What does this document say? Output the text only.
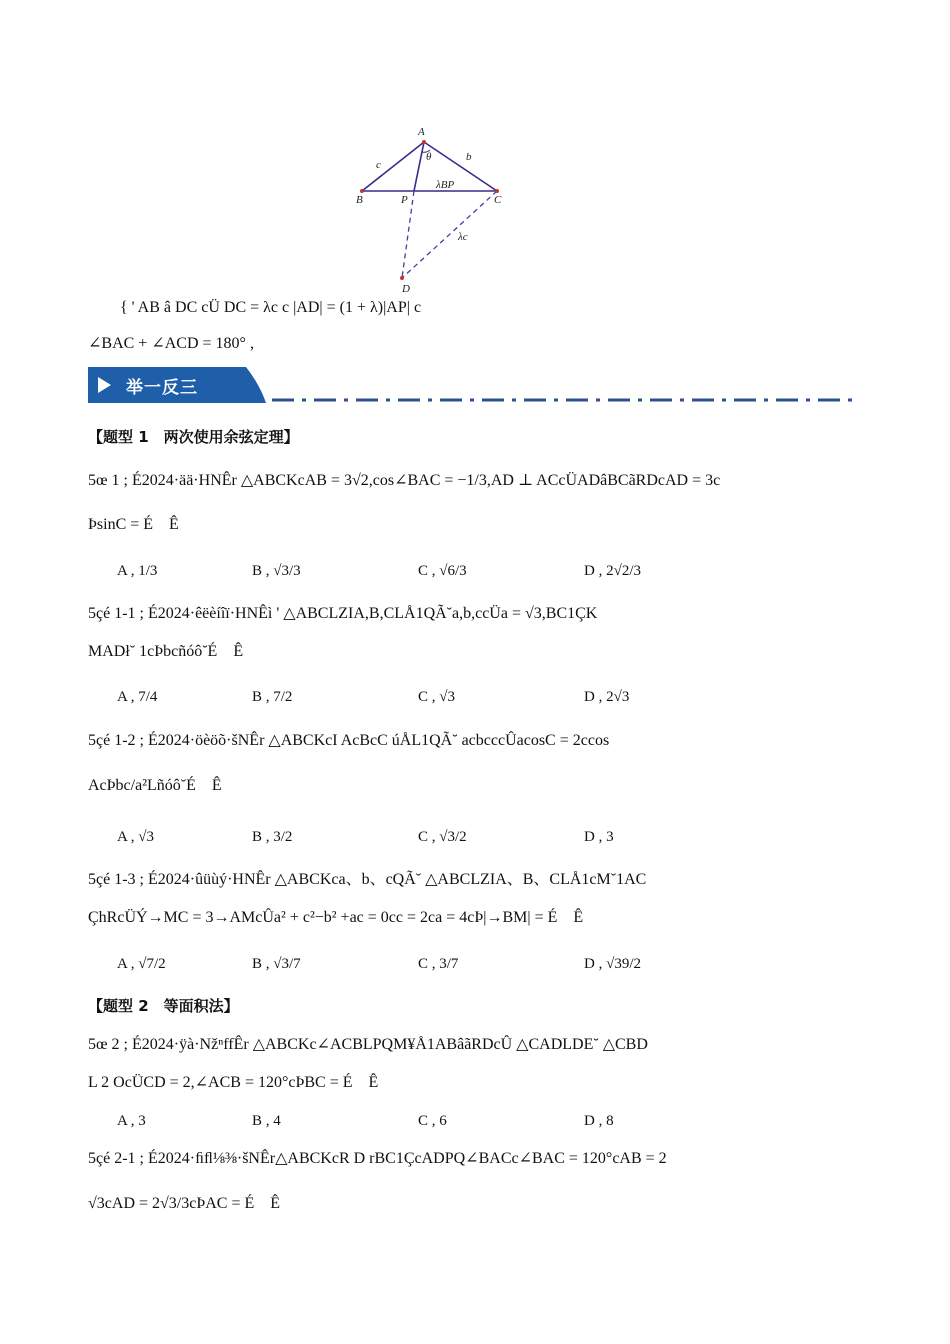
A
B	C
P
D
c
b
θ
λBP
λc
{ ' AB â DC cÜ DC = λc c |AD| = (1 + λ)|AP| c
∠BAC + ∠ACD = 180° ,
举一反三
【题型 1　两次使用余弦定理】
5œ 1 ; É2024·ää·HNÊr △ABCKcAB = 3√2,cos∠BAC = −1/3,AD ⊥ ACcÜADâBCãRDcAD = 3c
ÞsinC = É　Ê
A , 1/3	B , √3/3	C , √6/3	D , 2√2/3
5çé 1-1 ; É2024·êëèíîï·HNÊì ' △ABCLZIA,B,CLÅ1QÃ˘a,b,ccÜa = √3,BC1ÇK
MADł˘ 1cÞbcñóô˘É　Ê
A , 7/4	B , 7/2	C , √3	D , 2√3
5çé 1-2 ; É2024·öèöõ·šNÊr △ABCKcI AcBcC úÅL1QÃ˘ acbcccÛacosC = 2ccos
AcÞbc/a²Lñóô˘É　Ê
A , √3	B , 3/2	C , √3/2	D , 3
5çé 1-3 ; É2024·ûüùý·HNÊr △ABCKca、b、cQÃ˘ △ABCLZIA、B、CLÅ1cM˘1AC
ÇhRcÜÝ→MC = 3→AMcÛa² + c²−b² +ac = 0cc = 2ca = 4cÞ|→BM| = É　Ê
A , √7/2	B , √3/7	C , 3/7	D , √39/2
【题型 2　等面积法】
5œ 2 ; É2024·ÿà·NžⁿffÊr △ABCKc∠ACBLPQM¥Å1ABâãRDcÛ △CADLDE˘ △CBD
L 2 OcÜCD = 2,∠ACB = 120°cÞBC = É　Ê
A , 3	B , 4	C , 6	D , 8
5çé 2-1 ; É2024·ﬁﬂ⅛⅜·šNÊr△ABCKcR D rBC1ÇcADPQ∠BACc∠BAC = 120°cAB = 2
√3cAD = 2√3/3cÞAC = É　Ê
